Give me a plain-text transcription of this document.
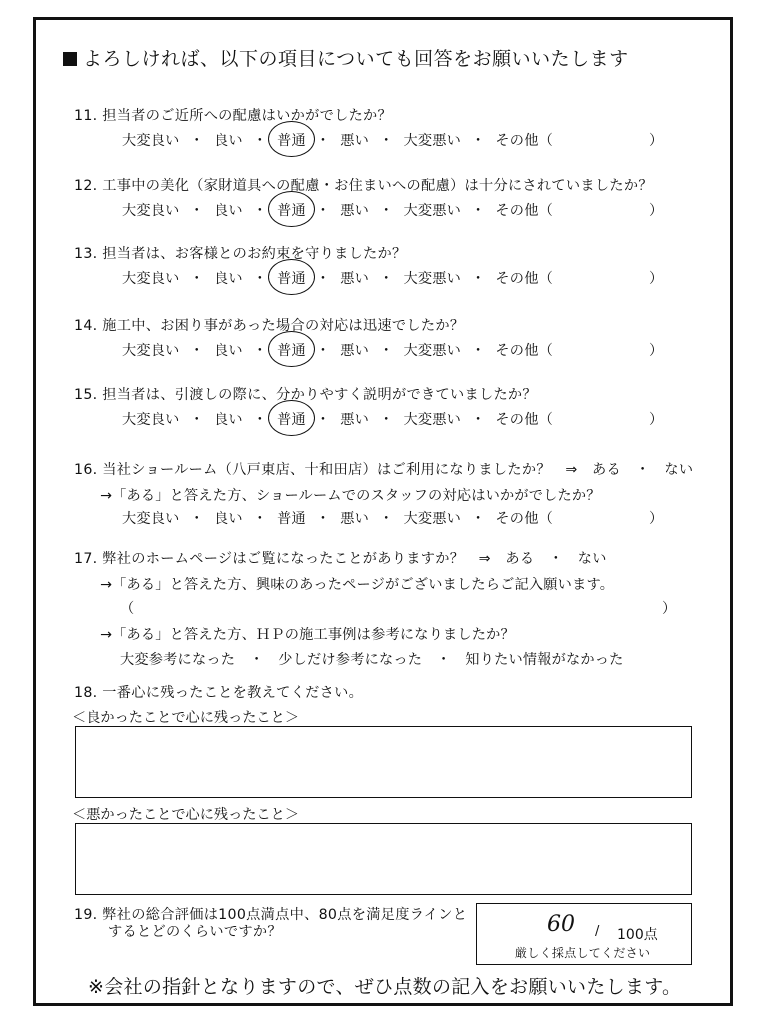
よろしければ、以下の項目についても回答をお願いいたします
11. 担当者のご近所への配慮はいかがでしたか？
大変良い ・ 良い ・ 普通 ・ 悪い ・ 大変悪い ・ その他（	）
12. 工事中の美化（家財道具への配慮・お住まいへの配慮）は十分にされていましたか？
大変良い ・ 良い ・ 普通 ・ 悪い ・ 大変悪い ・ その他（	）
13. 担当者は、お客様とのお約束を守りましたか？
大変良い ・ 良い ・ 普通 ・ 悪い ・ 大変悪い ・ その他（	）
14. 施工中、お困り事があった場合の対応は迅速でしたか？
大変良い ・ 良い ・ 普通 ・ 悪い ・ 大変悪い ・ その他（	）
15. 担当者は、引渡しの際に、分かりやすく説明ができていましたか？
大変良い ・ 良い ・ 普通 ・ 悪い ・ 大変悪い ・ その他（	）
16. 当社ショールーム（八戸東店、十和田店）はご利用になりましたか？　⇒　ある　・　ない
→「ある」と答えた方、ショールームでのスタッフの対応はいかがでしたか？
大変良い ・ 良い ・ 普通 ・ 悪い ・ 大変悪い ・ その他（	）
17. 弊社のホームページはご覧になったことがありますか？　⇒　ある　・　ない
→「ある」と答えた方、興味のあったページがございましたらご記入願います。
（	）
→「ある」と答えた方、ＨＰの施工事例は参考になりましたか？
大変参考になった　・　少しだけ参考になった　・　知りたい情報がなかった
18. 一番心に残ったことを教えてください。
＜良かったことで心に残ったこと＞
＜悪かったことで心に残ったこと＞
19. 弊社の総合評価は100点満点中、80点を満足度ラインと
するとどのくらいですか？	60 / 100点
厳しく採点してください
※会社の指針となりますので、ぜひ点数の記入をお願いいたします。
